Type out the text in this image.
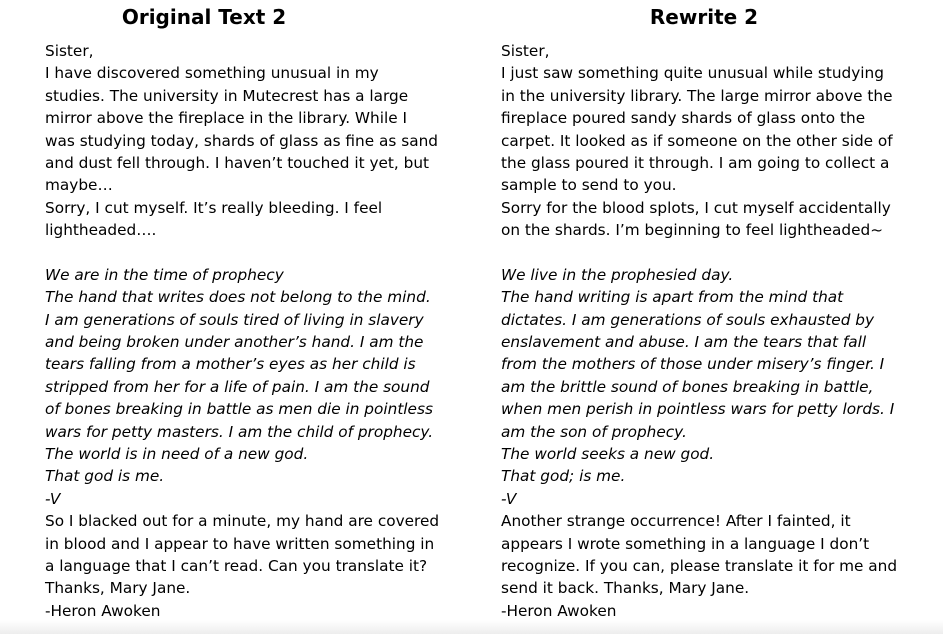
Original Text 2
Sister,
I have discovered something unusual in my
studies. The university in Mutecrest has a large
mirror above the fireplace in the library. While I
was studying today, shards of glass as fine as sand
and dust fell through. I haven’t touched it yet, but
maybe…
Sorry, I cut myself. It’s really bleeding. I feel
lightheaded….
We are in the time of prophecy
The hand that writes does not belong to the mind.
I am generations of souls tired of living in slavery
and being broken under another’s hand. I am the
tears falling from a mother’s eyes as her child is
stripped from her for a life of pain. I am the sound
of bones breaking in battle as men die in pointless
wars for petty masters. I am the child of prophecy.
The world is in need of a new god.
That god is me.
-V
So I blacked out for a minute, my hand are covered
in blood and I appear to have written something in
a language that I can’t read. Can you translate it?
Thanks, Mary Jane.
-Heron Awoken
Rewrite 2
Sister,
I just saw something quite unusual while studying
in the university library. The large mirror above the
fireplace poured sandy shards of glass onto the
carpet. It looked as if someone on the other side of
the glass poured it through. I am going to collect a
sample to send to you.
Sorry for the blood splots, I cut myself accidentally
on the shards. I’m beginning to feel lightheaded~
We live in the prophesied day.
The hand writing is apart from the mind that
dictates. I am generations of souls exhausted by
enslavement and abuse. I am the tears that fall
from the mothers of those under misery’s finger. I
am the brittle sound of bones breaking in battle,
when men perish in pointless wars for petty lords. I
am the son of prophecy.
The world seeks a new god.
That god; is me.
-V
Another strange occurrence! After I fainted, it
appears I wrote something in a language I don’t
recognize. If you can, please translate it for me and
send it back. Thanks, Mary Jane.
-Heron Awoken
